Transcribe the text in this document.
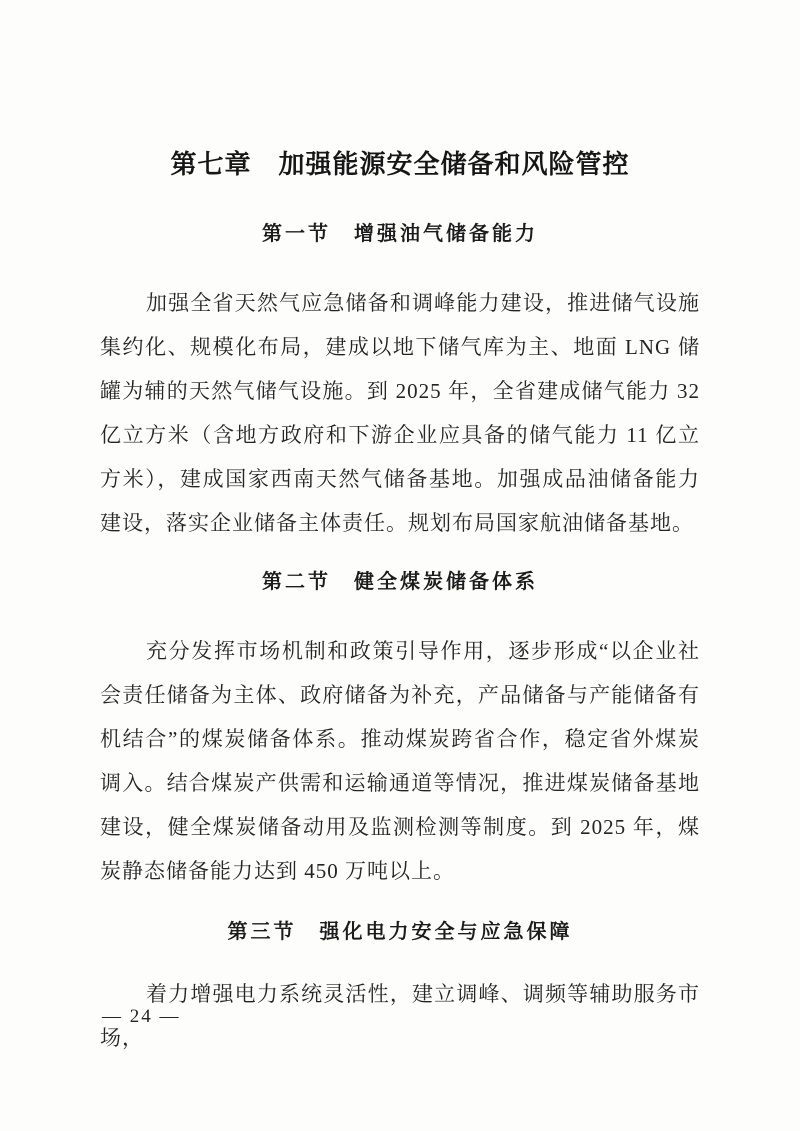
第七章　加强能源安全储备和风险管控
第一节　增强油气储备能力

加强全省天然气应急储备和调峰能力建设，推进储气设施集约化、规模化布局，建成以地下储气库为主、地面 LNG 储罐为辅的天然气储气设施。到 2025 年，全省建成储气能力 32 亿立方米（含地方政府和下游企业应具备的储气能力 11 亿立方米），建成国家西南天然气储备基地。加强成品油储备能力建设，落实企业储备主体责任。规划布局国家航油储备基地。

第二节　健全煤炭储备体系

充分发挥市场机制和政策引导作用，逐步形成“以企业社会责任储备为主体、政府储备为补充，产品储备与产能储备有机结合”的煤炭储备体系。推动煤炭跨省合作，稳定省外煤炭调入。结合煤炭产供需和运输通道等情况，推进煤炭储备基地建设，健全煤炭储备动用及监测检测等制度。到 2025 年，煤炭静态储备能力达到 450 万吨以上。

第三节　强化电力安全与应急保障

着力增强电力系统灵活性，建立调峰、调频等辅助服务市场，

— 24 —
